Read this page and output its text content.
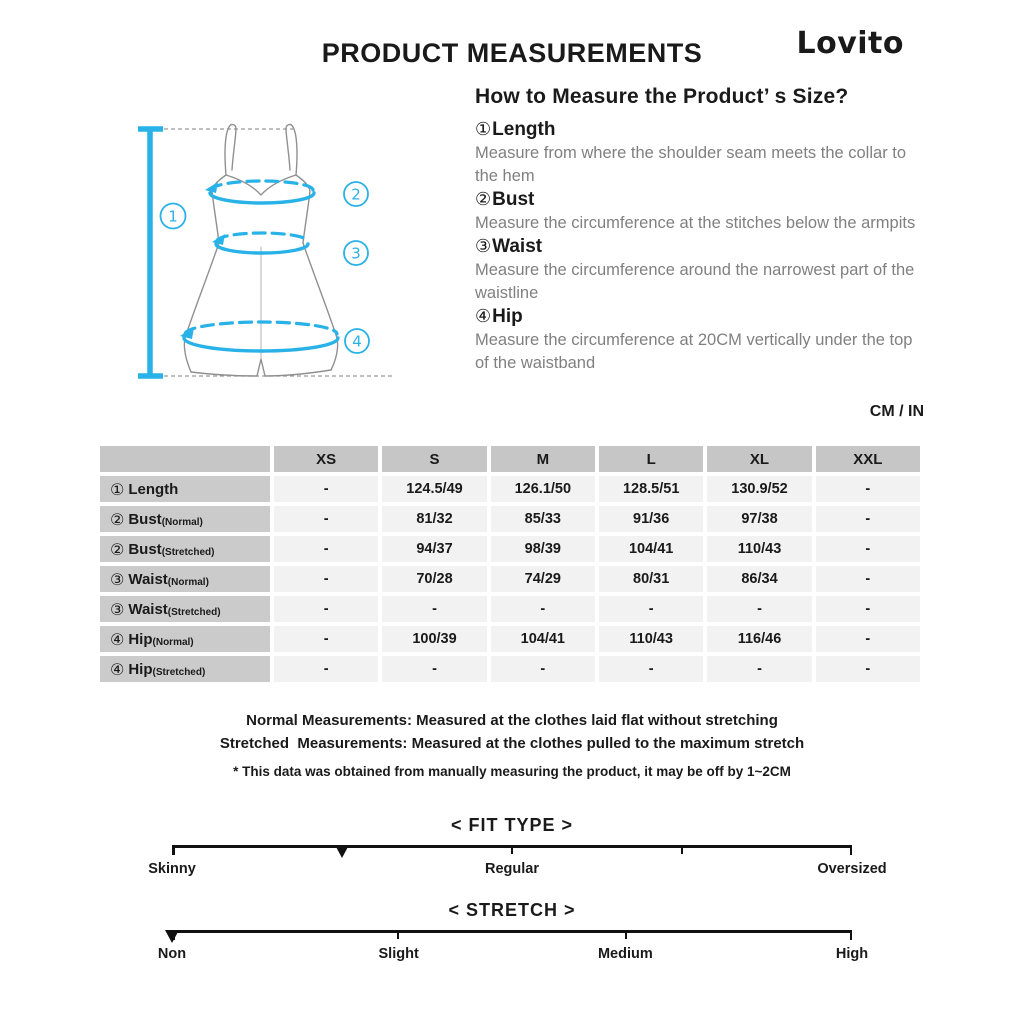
PRODUCT MEASUREMENTS	Lovito
1
2
3
4
How to Measure the Product’ s Size?
①Length
Measure from where the shoulder seam meets the collar to the hem
②Bust
Measure the circumference at the stitches below the armpits
③Waist
Measure the circumference around the narrowest part of the waistline
④Hip
Measure the circumference at 20CM vertically under the top of the waistband
CM / IN
XS	S	M	L	XL	XXL
① Length	-	124.5/49	126.1/50	128.5/51	130.9/52	-
② Bust (Normal)	-	81/32	85/33	91/36	97/38	-
② Bust (Stretched)	-	94/37	98/39	104/41	110/43	-
③ Waist (Normal)	-	70/28	74/29	80/31	86/34	-
③ Waist (Stretched)	-	-	-	-	-	-
④ Hip (Normal)	-	100/39	104/41	110/43	116/46	-
④ Hip (Stretched)	-	-	-	-	-	-
Normal Measurements: Measured at the clothes laid flat without stretching
Stretched  Measurements: Measured at the clothes pulled to the maximum stretch
* This data was obtained from manually measuring the product, it may be off by 1~2CM
< FIT TYPE >
Skinny	Regular	Oversized
< STRETCH >
Non	Slight	Medium	High
